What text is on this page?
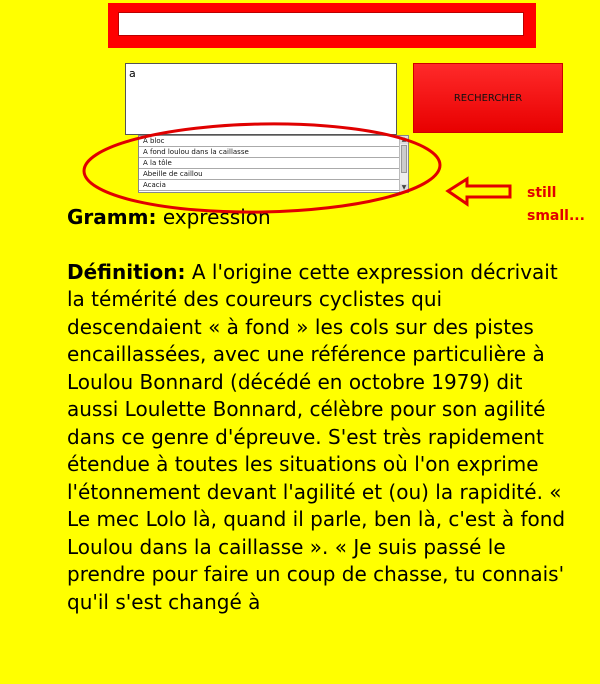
a
RECHERCHER
A bloc
A fond loulou dans la caillasse
A la tôle
Abeille de caillou
Acacia
▲
▼

Gramm: expression

Définition: A l'origine cette expression décrivait la témérité des coureurs cyclistes qui descendaient « à fond » les cols sur des pistes encaillassées, avec une référence particulière à Loulou Bonnard (décédé en octobre 1979) dit aussi Loulette Bonnard, célèbre pour son agilité dans ce genre d'épreuve. S'est très rapidement étendue à toutes les situations où l'on exprime l'étonnement devant l'agilité et (ou) la rapidité. « Le mec Lolo là, quand il parle, ben là, c'est à fond Loulou dans la caillasse ». « Je suis passé le prendre pour faire un coup de chasse, tu connais' qu'il s'est changé à

still
small...
